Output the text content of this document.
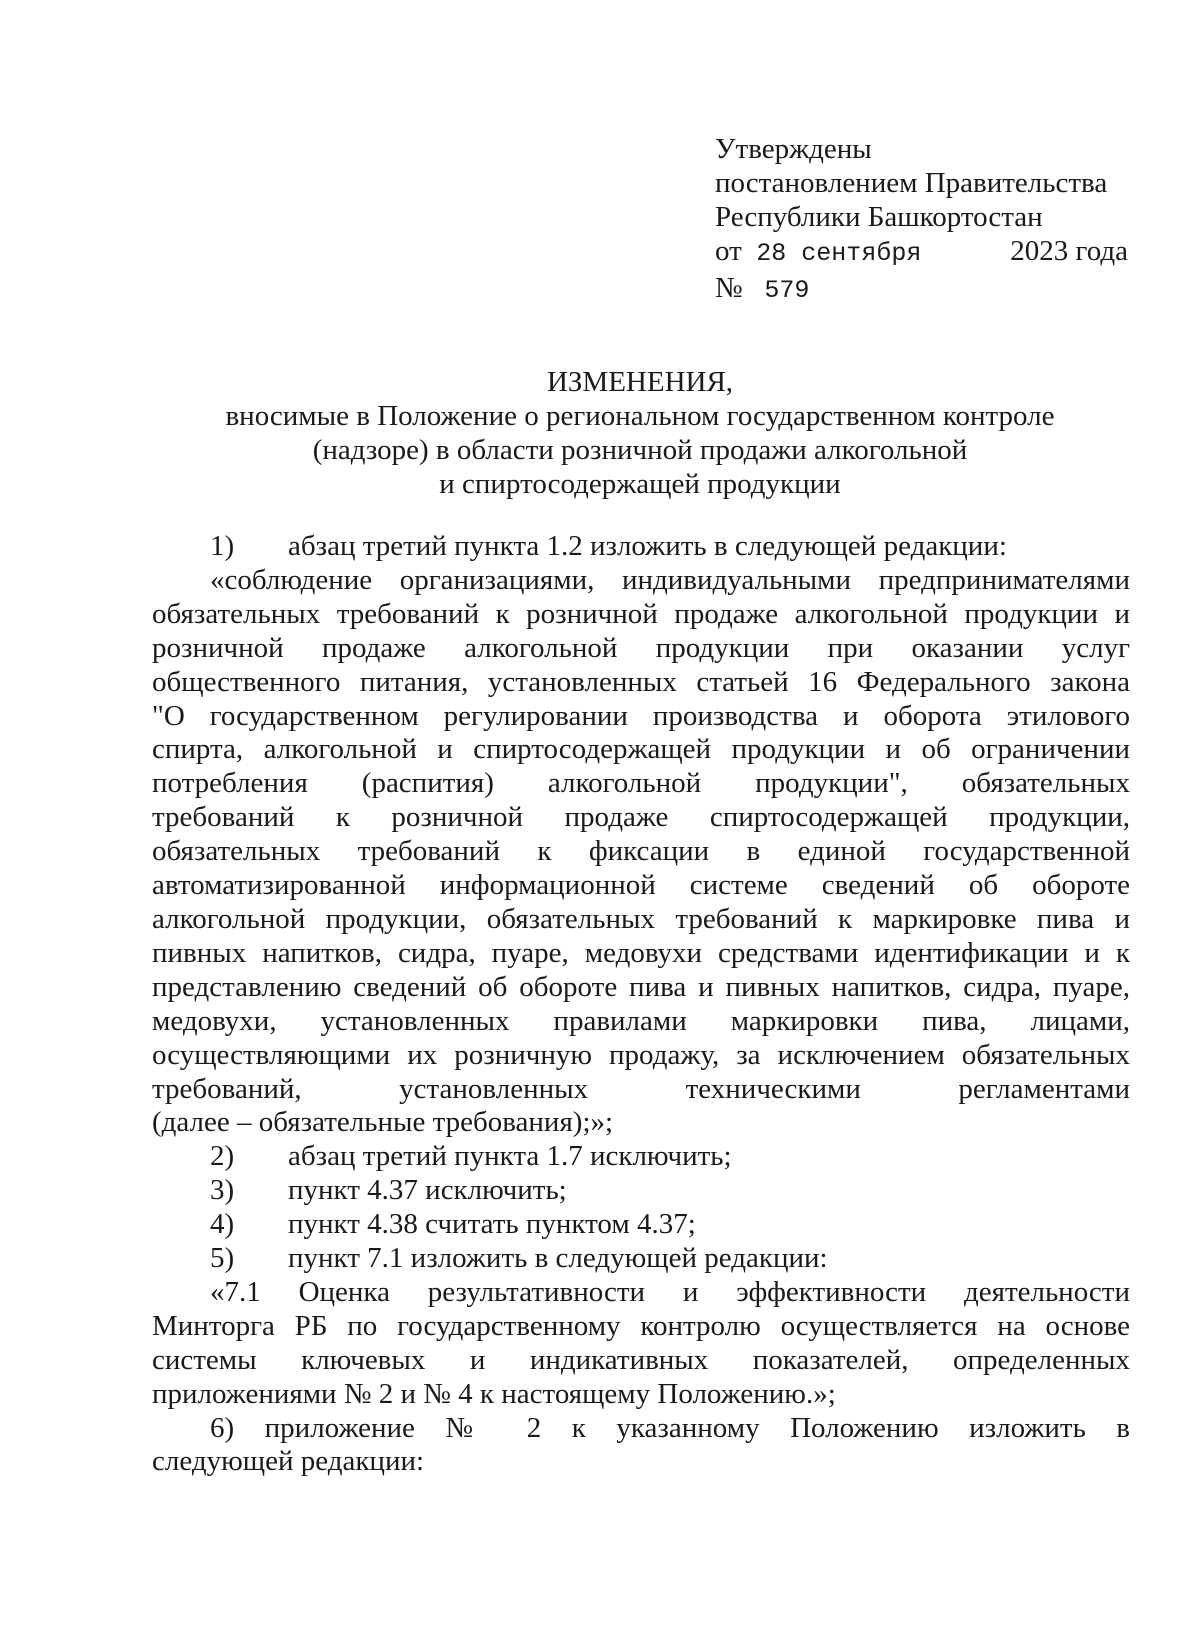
Утверждены
постановлением Правительства
Республики Башкортостан
от 28 сентября	2023 года
№ 579
ИЗМЕНЕНИЯ,
вносимые в Положение о региональном государственном контроле
(надзоре) в области розничной продажи алкогольной
и спиртосодержащей продукции
1)	абзац третий пункта 1.2 изложить в следующей редакции:
«соблюдение организациями, индивидуальными предпринимателями
обязательных требований к розничной продаже алкогольной продукции и
розничной продаже алкогольной продукции при оказании услуг
общественного питания, установленных статьей 16 Федерального закона
"О государственном регулировании производства и оборота этилового
спирта, алкогольной и спиртосодержащей продукции и об ограничении
потребления (распития) алкогольной продукции", обязательных
требований к розничной продаже спиртосодержащей продукции,
обязательных требований к фиксации в единой государственной
автоматизированной информационной системе сведений об обороте
алкогольной продукции, обязательных требований к маркировке пива и
пивных напитков, сидра, пуаре, медовухи средствами идентификации и к
представлению сведений об обороте пива и пивных напитков, сидра, пуаре,
медовухи, установленных правилами маркировки пива, лицами,
осуществляющими их розничную продажу, за исключением обязательных
требований, установленных техническими регламентами
(далее – обязательные требования);»;
2)	абзац третий пункта 1.7 исключить;
3)	пункт 4.37 исключить;
4)	пункт 4.38 считать пунктом 4.37;
5)	пункт 7.1 изложить в следующей редакции:
«7.1 Оценка результативности и эффективности деятельности
Минторга РБ по государственному контролю осуществляется на основе
системы ключевых и индикативных показателей, определенных
приложениями № 2 и № 4 к настоящему Положению.»;
6) приложение № 2 к указанному Положению изложить в
следующей редакции:
